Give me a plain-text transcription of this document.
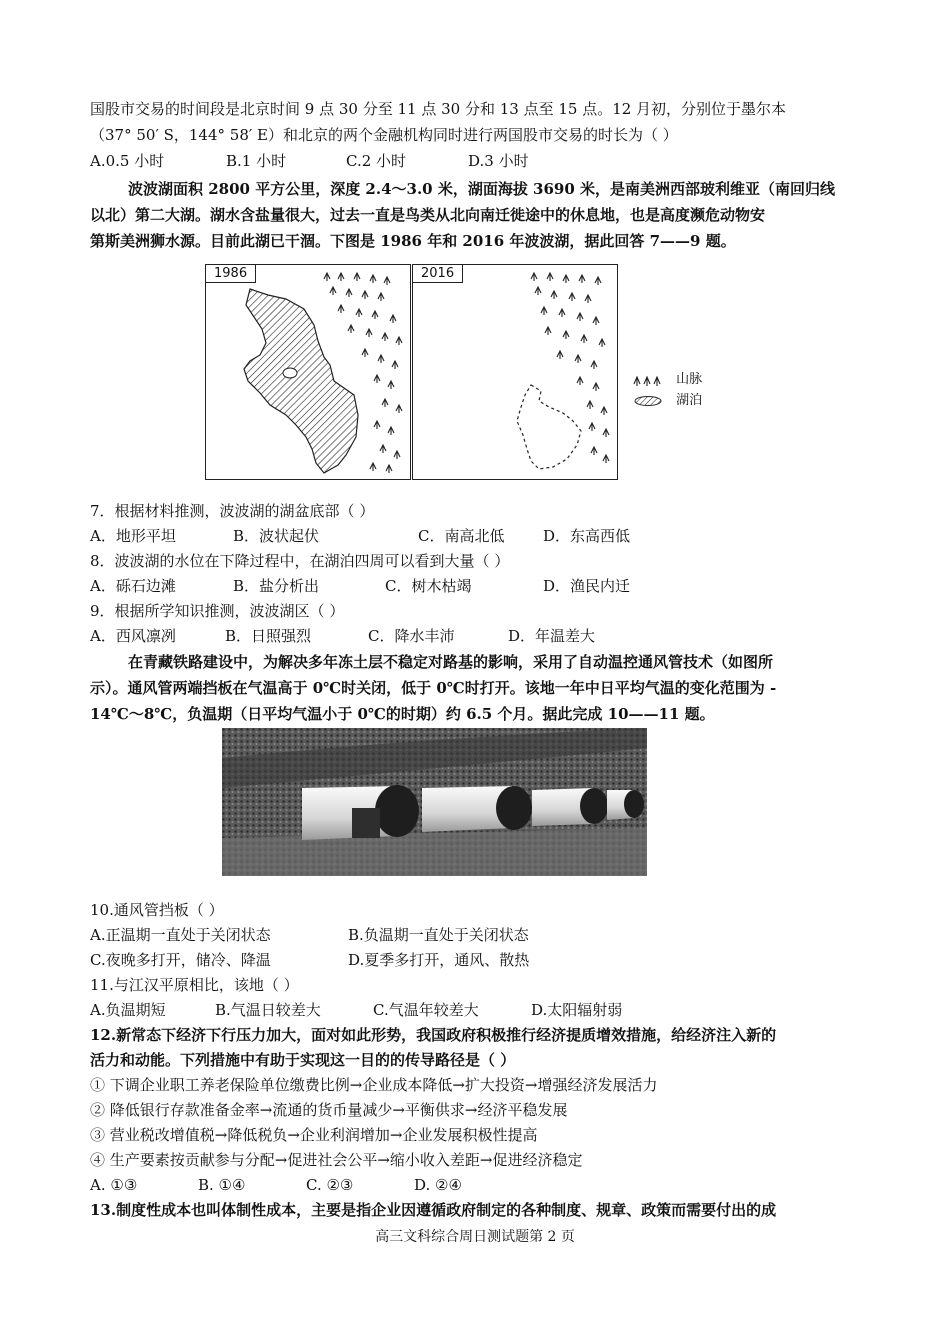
国股市交易的时间段是北京时间 9 点 30 分至 11 点 30 分和 13 点至 15 点。12 月初，分别位于墨尔本
（37° 50′ S，144° 58′ E）和北京的两个金融机构同时进行两国股市交易的时长为（ ）
A.0.5 小时	B.1 小时	C.2 小时	D.3 小时
波波湖面积 2800 平方公里，深度 2.4～3.0 米，湖面海拔 3690 米，是南美洲西部玻利维亚（南回归线
以北）第二大湖。湖水含盐量很大，过去一直是鸟类从北向南迁徙途中的休息地，也是高度濒危动物安
第斯美洲狮水源。目前此湖已干涸。下图是 1986 年和 2016 年波波湖，据此回答 7——9 题。
1986	2016
山脉
湖泊
7．根据材料推测，波波湖的湖盆底部（ ）
A．地形平坦	B．波状起伏	C．南高北低	D．东高西低
8．波波湖的水位在下降过程中，在湖泊四周可以看到大量（ ）
A．砾石边滩	B．盐分析出	C．树木枯竭	D．渔民内迁
9．根据所学知识推测，波波湖区（ ）
A．西风凛冽	B．日照强烈	C．降水丰沛	D．年温差大
在青藏铁路建设中，为解决多年冻土层不稳定对路基的影响，采用了自动温控通风管技术（如图所
示）。通风管两端挡板在气温高于 0℃时关闭，低于 0℃时打开。该地一年中日平均气温的变化范围为 -
14℃～8℃，负温期（日平均气温小于 0℃的时期）约 6.5 个月。据此完成 10——11 题。
10.通风管挡板（ ）
A.正温期一直处于关闭状态	B.负温期一直处于关闭状态
C.夜晚多打开，储冷、降温	D.夏季多打开，通风、散热
11.与江汉平原相比，该地（ ）
A.负温期短	B.气温日较差大	C.气温年较差大	D.太阳辐射弱
12.新常态下经济下行压力加大，面对如此形势，我国政府积极推行经济提质增效措施，给经济注入新的
活力和动能。下列措施中有助于实现这一目的的传导路径是（ ）
① 下调企业职工养老保险单位缴费比例→企业成本降低→扩大投资→增强经济发展活力
② 降低银行存款准备金率→流通的货币量减少→平衡供求→经济平稳发展
③ 营业税改增值税→降低税负→企业利润增加→企业发展积极性提高
④ 生产要素按贡献参与分配→促进社会公平→缩小收入差距→促进经济稳定
A. ①③	B. ①④	C. ②③	D. ②④
13.制度性成本也叫体制性成本，主要是指企业因遵循政府制定的各种制度、规章、政策而需要付出的成
高三文科综合周日测试题第 2 页
